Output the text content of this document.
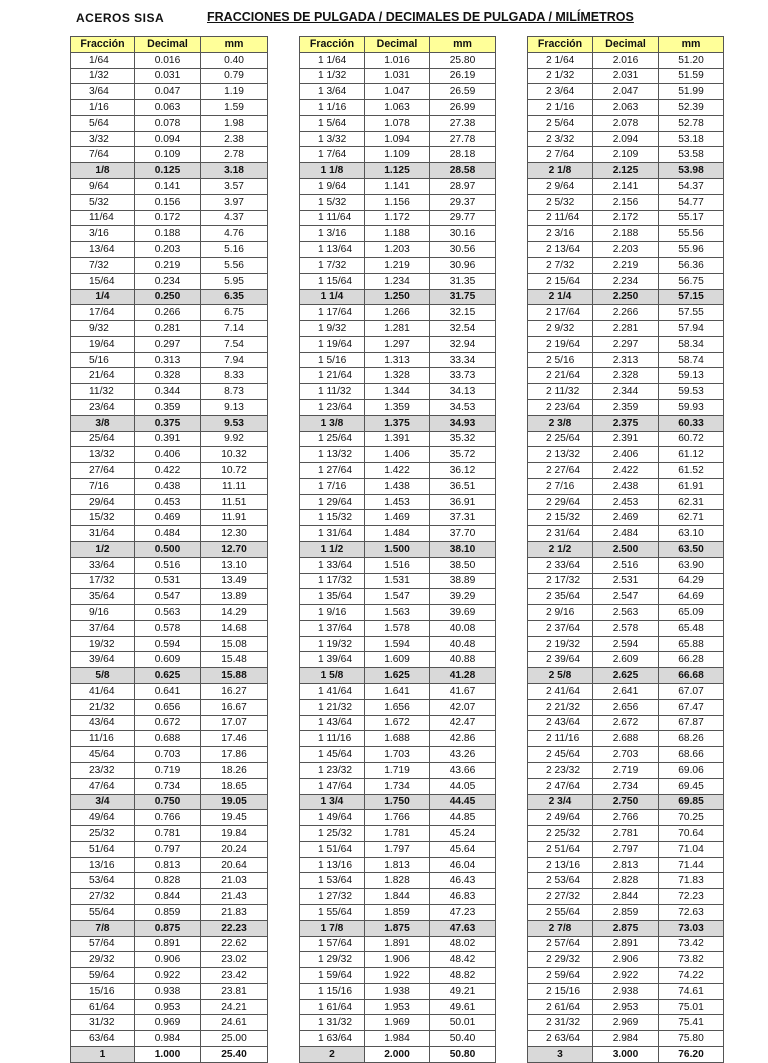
ACEROS SISA	FRACCIONES DE PULGADA / DECIMALES DE PULGADA / MILÍMETROS
Fracción	Decimal	mm
1/64	0.016	0.40
1/32	0.031	0.79
3/64	0.047	1.19
1/16	0.063	1.59
5/64	0.078	1.98
3/32	0.094	2.38
7/64	0.109	2.78
1/8	0.125	3.18
9/64	0.141	3.57
5/32	0.156	3.97
11/64	0.172	4.37
3/16	0.188	4.76
13/64	0.203	5.16
7/32	0.219	5.56
15/64	0.234	5.95
1/4	0.250	6.35
17/64	0.266	6.75
9/32	0.281	7.14
19/64	0.297	7.54
5/16	0.313	7.94
21/64	0.328	8.33
11/32	0.344	8.73
23/64	0.359	9.13
3/8	0.375	9.53
25/64	0.391	9.92
13/32	0.406	10.32
27/64	0.422	10.72
7/16	0.438	11.11
29/64	0.453	11.51
15/32	0.469	11.91
31/64	0.484	12.30
1/2	0.500	12.70
33/64	0.516	13.10
17/32	0.531	13.49
35/64	0.547	13.89
9/16	0.563	14.29
37/64	0.578	14.68
19/32	0.594	15.08
39/64	0.609	15.48
5/8	0.625	15.88
41/64	0.641	16.27
21/32	0.656	16.67
43/64	0.672	17.07
11/16	0.688	17.46
45/64	0.703	17.86
23/32	0.719	18.26
47/64	0.734	18.65
3/4	0.750	19.05
49/64	0.766	19.45
25/32	0.781	19.84
51/64	0.797	20.24
13/16	0.813	20.64
53/64	0.828	21.03
27/32	0.844	21.43
55/64	0.859	21.83
7/8	0.875	22.23
57/64	0.891	22.62
29/32	0.906	23.02
59/64	0.922	23.42
15/16	0.938	23.81
61/64	0.953	24.21
31/32	0.969	24.61
63/64	0.984	25.00
1	1.000	25.40
Fracción	Decimal	mm
1 1/64	1.016	25.80
1 1/32	1.031	26.19
1 3/64	1.047	26.59
1 1/16	1.063	26.99
1 5/64	1.078	27.38
1 3/32	1.094	27.78
1 7/64	1.109	28.18
1 1/8	1.125	28.58
1 9/64	1.141	28.97
1 5/32	1.156	29.37
1 11/64	1.172	29.77
1 3/16	1.188	30.16
1 13/64	1.203	30.56
1 7/32	1.219	30.96
1 15/64	1.234	31.35
1 1/4	1.250	31.75
1 17/64	1.266	32.15
1 9/32	1.281	32.54
1 19/64	1.297	32.94
1 5/16	1.313	33.34
1 21/64	1.328	33.73
1 11/32	1.344	34.13
1 23/64	1.359	34.53
1 3/8	1.375	34.93
1 25/64	1.391	35.32
1 13/32	1.406	35.72
1 27/64	1.422	36.12
1 7/16	1.438	36.51
1 29/64	1.453	36.91
1 15/32	1.469	37.31
1 31/64	1.484	37.70
1 1/2	1.500	38.10
1 33/64	1.516	38.50
1 17/32	1.531	38.89
1 35/64	1.547	39.29
1 9/16	1.563	39.69
1 37/64	1.578	40.08
1 19/32	1.594	40.48
1 39/64	1.609	40.88
1 5/8	1.625	41.28
1 41/64	1.641	41.67
1 21/32	1.656	42.07
1 43/64	1.672	42.47
1 11/16	1.688	42.86
1 45/64	1.703	43.26
1 23/32	1.719	43.66
1 47/64	1.734	44.05
1 3/4	1.750	44.45
1 49/64	1.766	44.85
1 25/32	1.781	45.24
1 51/64	1.797	45.64
1 13/16	1.813	46.04
1 53/64	1.828	46.43
1 27/32	1.844	46.83
1 55/64	1.859	47.23
1 7/8	1.875	47.63
1 57/64	1.891	48.02
1 29/32	1.906	48.42
1 59/64	1.922	48.82
1 15/16	1.938	49.21
1 61/64	1.953	49.61
1 31/32	1.969	50.01
1 63/64	1.984	50.40
2	2.000	50.80
Fracción	Decimal	mm
2 1/64	2.016	51.20
2 1/32	2.031	51.59
2 3/64	2.047	51.99
2 1/16	2.063	52.39
2 5/64	2.078	52.78
2 3/32	2.094	53.18
2 7/64	2.109	53.58
2 1/8	2.125	53.98
2 9/64	2.141	54.37
2 5/32	2.156	54.77
2 11/64	2.172	55.17
2 3/16	2.188	55.56
2 13/64	2.203	55.96
2 7/32	2.219	56.36
2 15/64	2.234	56.75
2 1/4	2.250	57.15
2 17/64	2.266	57.55
2 9/32	2.281	57.94
2 19/64	2.297	58.34
2 5/16	2.313	58.74
2 21/64	2.328	59.13
2 11/32	2.344	59.53
2 23/64	2.359	59.93
2 3/8	2.375	60.33
2 25/64	2.391	60.72
2 13/32	2.406	61.12
2 27/64	2.422	61.52
2 7/16	2.438	61.91
2 29/64	2.453	62.31
2 15/32	2.469	62.71
2 31/64	2.484	63.10
2 1/2	2.500	63.50
2 33/64	2.516	63.90
2 17/32	2.531	64.29
2 35/64	2.547	64.69
2 9/16	2.563	65.09
2 37/64	2.578	65.48
2 19/32	2.594	65.88
2 39/64	2.609	66.28
2 5/8	2.625	66.68
2 41/64	2.641	67.07
2 21/32	2.656	67.47
2 43/64	2.672	67.87
2 11/16	2.688	68.26
2 45/64	2.703	68.66
2 23/32	2.719	69.06
2 47/64	2.734	69.45
2 3/4	2.750	69.85
2 49/64	2.766	70.25
2 25/32	2.781	70.64
2 51/64	2.797	71.04
2 13/16	2.813	71.44
2 53/64	2.828	71.83
2 27/32	2.844	72.23
2 55/64	2.859	72.63
2 7/8	2.875	73.03
2 57/64	2.891	73.42
2 29/32	2.906	73.82
2 59/64	2.922	74.22
2 15/16	2.938	74.61
2 61/64	2.953	75.01
2 31/32	2.969	75.41
2 63/64	2.984	75.80
3	3.000	76.20
